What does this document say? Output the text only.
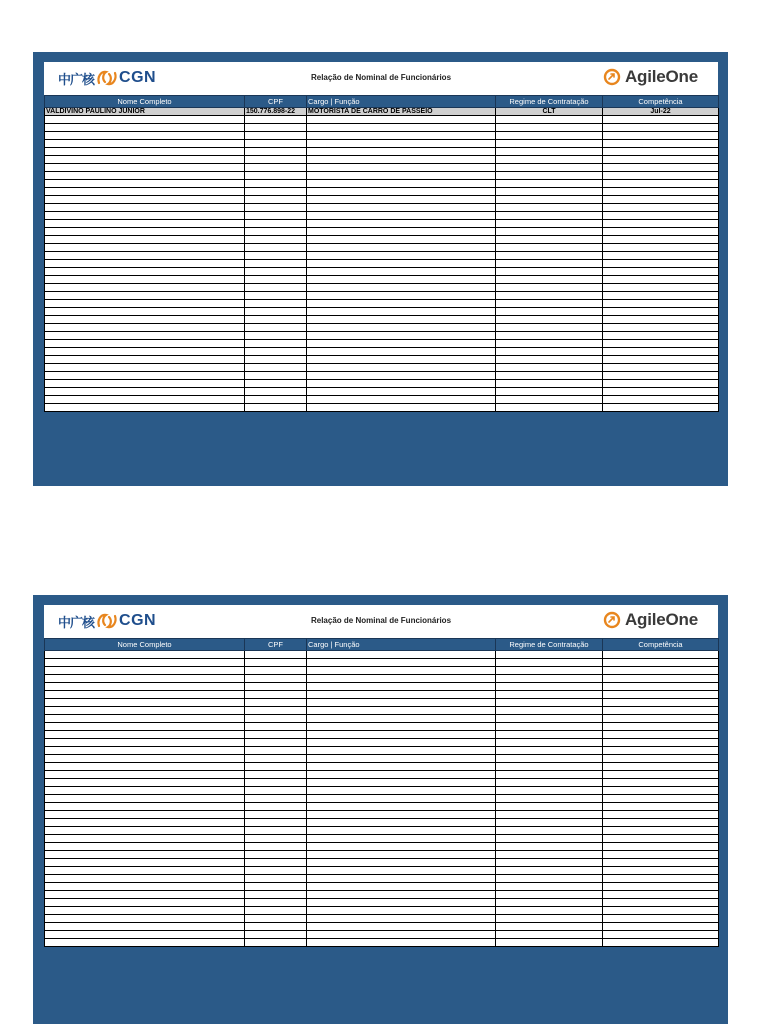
中广核 CGN	Relação de Nominal de Funcionários	AgileOne
Nome Completo	CPF	Cargo | Função	Regime de Contratação	Competência
VALDIVINO PAULINO JUNIOR	150.776.898-22	MOTORISTA DE CARRO DE PASSEIO	CLT	Jul-22

中广核 CGN	Relação de Nominal de Funcionários	AgileOne
Nome Completo	CPF	Cargo | Função	Regime de Contratação	Competência
